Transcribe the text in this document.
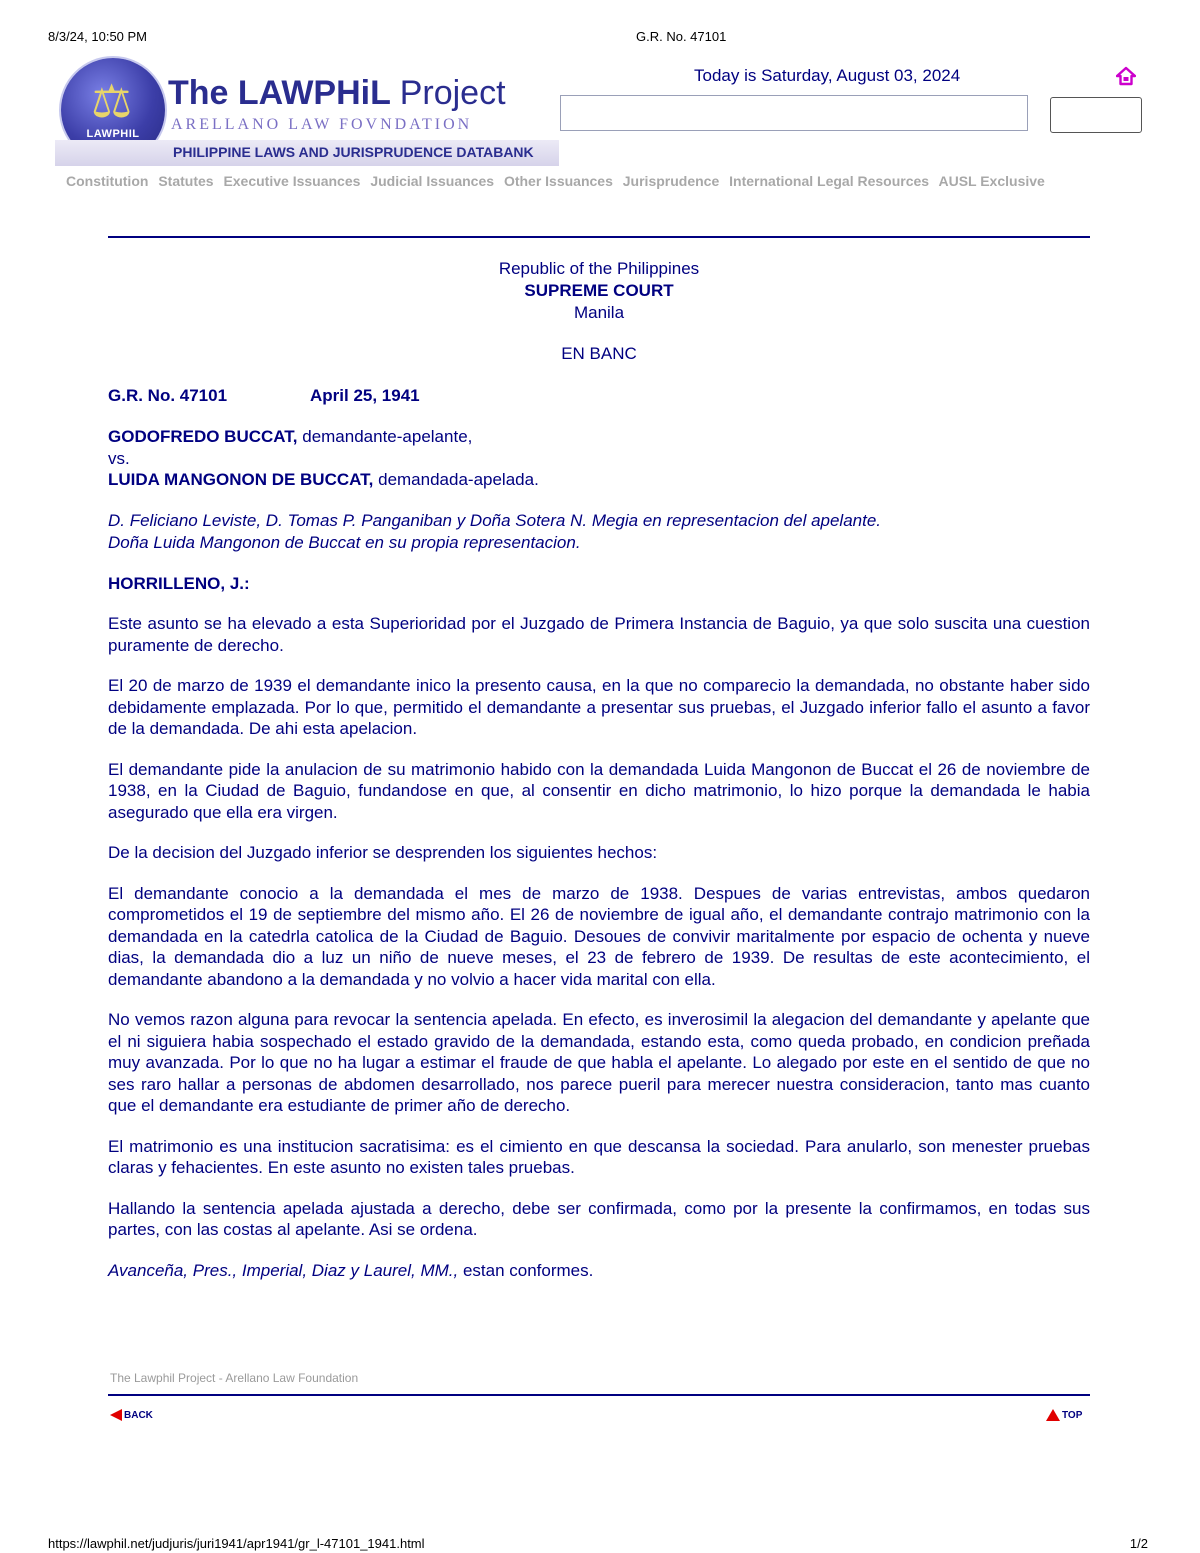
8/3/24, 10:50 PM	G.R. No. 47101
⚖
LAWPHIL
The LAWPHiL Project
ARELLANO LAW FOVNDATION
PHILIPPINE LAWS AND JURISPRUDENCE DATABANK
Today is Saturday, August 03, 2024
Constitution Statutes Executive Issuances Judicial Issuances Other Issuances Jurisprudence International Legal Resources AUSL Exclusive
Republic of the Philippines
SUPREME COURT
Manila
EN BANC
G.R. No. 47101	April 25, 1941
GODOFREDO BUCCAT, demandante-apelante,
vs.
LUIDA MANGONON DE BUCCAT, demandada-apelada.
D. Feliciano Leviste, D. Tomas P. Panganiban y Doña Sotera N. Megia en representacion del apelante.
Doña Luida Mangonon de Buccat en su propia representacion.
HORRILLENO, J.:

Este asunto se ha elevado a esta Superioridad por el Juzgado de Primera Instancia de Baguio, ya que solo suscita una cuestion puramente de derecho.

El 20 de marzo de 1939 el demandante inico la presento causa, en la que no comparecio la demandada, no obstante haber sido debidamente emplazada. Por lo que, permitido el demandante a presentar sus pruebas, el Juzgado inferior fallo el asunto a favor de la demandada. De ahi esta apelacion.

El demandante pide la anulacion de su matrimonio habido con la demandada Luida Mangonon de Buccat el 26 de noviembre de 1938, en la Ciudad de Baguio, fundandose en que, al consentir en dicho matrimonio, lo hizo porque la demandada le habia asegurado que ella era virgen.

De la decision del Juzgado inferior se desprenden los siguientes hechos:

El demandante conocio a la demandada el mes de marzo de 1938. Despues de varias entrevistas, ambos quedaron comprometidos el 19 de septiembre del mismo año. El 26 de noviembre de igual año, el demandante contrajo matrimonio con la demandada en la catedrla catolica de la Ciudad de Baguio. Desoues de convivir maritalmente por espacio de ochenta y nueve dias, la demandada dio a luz un niño de nueve meses, el 23 de febrero de 1939. De resultas de este acontecimiento, el demandante abandono a la demandada y no volvio a hacer vida marital con ella.

No vemos razon alguna para revocar la sentencia apelada. En efecto, es inverosimil la alegacion del demandante y apelante que el ni siguiera habia sospechado el estado gravido de la demandada, estando esta, como queda probado, en condicion preñada muy avanzada. Por lo que no ha lugar a estimar el fraude de que habla el apelante. Lo alegado por este en el sentido de que no ses raro hallar a personas de abdomen desarrollado, nos parece pueril para merecer nuestra consideracion, tanto mas cuanto que el demandante era estudiante de primer año de derecho.

El matrimonio es una institucion sacratisima: es el cimiento en que descansa la sociedad. Para anularlo, son menester pruebas claras y fehacientes. En este asunto no existen tales pruebas.

Hallando la sentencia apelada ajustada a derecho, debe ser confirmada, como por la presente la confirmamos, en todas sus partes, con las costas al apelante. Asi se ordena.

Avanceña, Pres., Imperial, Diaz y Laurel, MM., estan conformes.

The Lawphil Project - Arellano Law Foundation
BACK	TOP
https://lawphil.net/judjuris/juri1941/apr1941/gr_l-47101_1941.html	1/2
